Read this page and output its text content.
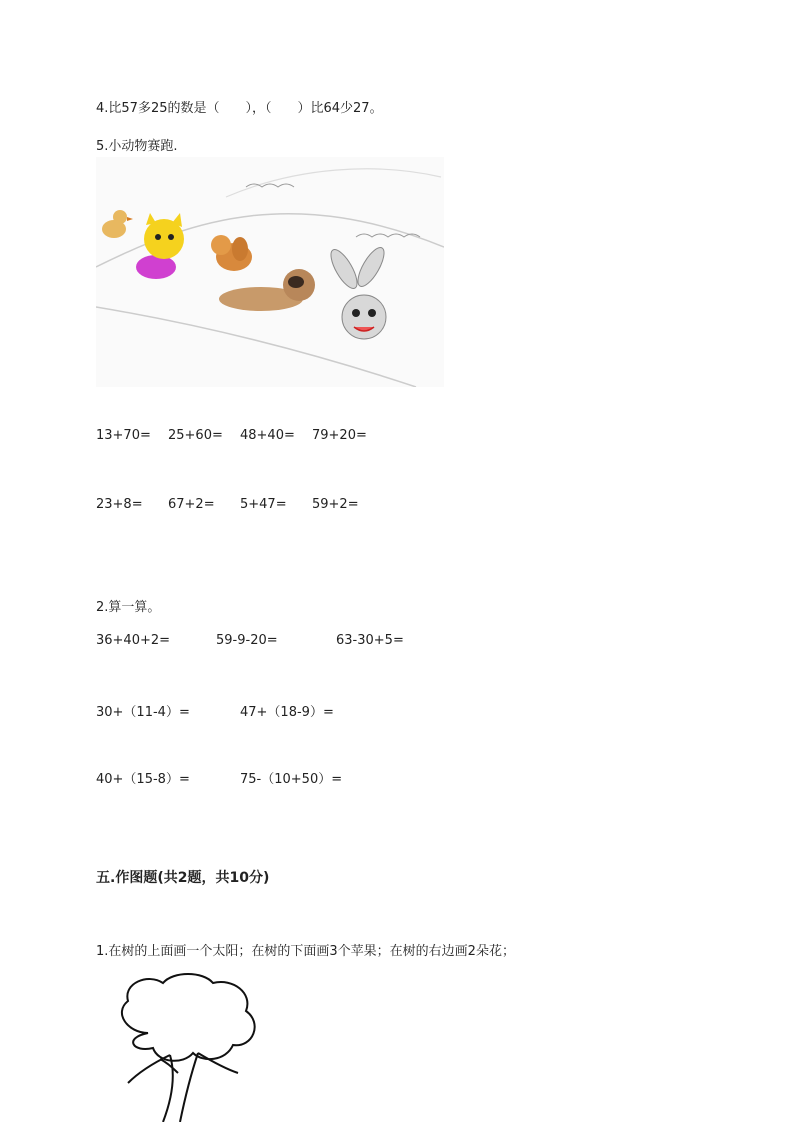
4.比57多25的数是（　　），（　　）比64少27。
5.小动物赛跑.
13+70= 25+60= 48+40= 79+20=
23+8= 67+2= 5+47= 59+2=
2.算一算。
36+40+2=	59-9-20=	63-30+5=
30+（11-4）=	47+（18-9）=
40+（15-8）=	75-（10+50）=
五.作图题(共2题，共10分)
1.在树的上面画一个太阳；在树的下面画3个苹果；在树的右边画2朵花；
